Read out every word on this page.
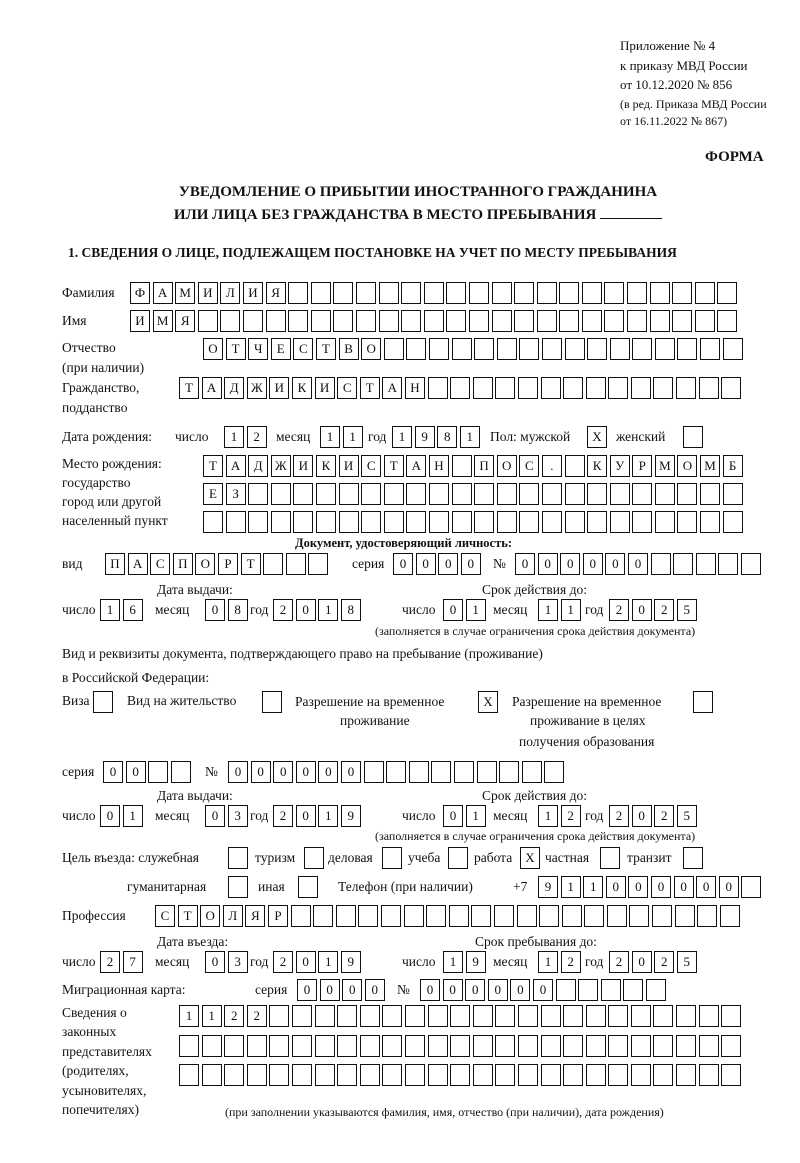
Приложение № 4
к приказу МВД России
от 10.12.2020 № 856
(в ред. Приказа МВД России
от 16.11.2022 № 867)
ФОРМА
УВЕДОМЛЕНИЕ О ПРИБЫТИИ ИНОСТРАННОГО ГРАЖДАНИНА
ИЛИ ЛИЦА БЕЗ ГРАЖДАНСТВА В МЕСТО ПРЕБЫВАНИЯ
1. СВЕДЕНИЯ О ЛИЦЕ, ПОДЛЕЖАЩЕМ ПОСТАНОВКЕ НА УЧЕТ ПО МЕСТУ ПРЕБЫВАНИЯ
Фамилия	Ф А М И	Л	И	Я
Имя	И М Я
Отчество
(при наличии)
О	Т	Ч	Е	С	Т	В	О
Гражданство,
подданство
Т	А	Д Ж И	К	И	С	Т	А	Н
Дата рождения: число	1	2	месяц	1	1 год 1	9	8	1	Пол: мужской	X	женский
Место рождения:
государство
город или другой
населенный пункт
Т	А	Д Ж И	К	И	С	Т	А	Н	П	О	С	.	К	У	Р	М О М	Б
Е	З
Документ, удостоверяющий личность:
вид	П	А	С	П	О	Р	Т	серия	0	0	0	0	№	0	0	0	0	0	0
Дата выдачи:	Срок действия до:
число 1	6	месяц	0	8 год 2	0	1	8	число	0	1	месяц	1	1 год 2	0	2	5
(заполняется в случае ограничения срока действия документа)
Вид и реквизиты документа, подтверждающего право на пребывание (проживание)
в Российской Федерации:
Виза	Вид на жительство	Разрешение на временное
проживание
X	Разрешение на временное
проживание в целях
получения образования
серия	0	0	№	0	0	0	0	0	0
Дата выдачи:	Срок действия до:
число 0	1	месяц	0	3 год 2	0	1	9	число	0	1	месяц	1	2 год 2	0	2	5
(заполняется в случае ограничения срока действия документа)
Цель въезда: служебная	туризм деловая	учеба работа	X частная	транзит
гуманитарная	иная	Телефон (при наличии)	+7	9	1	1	0	0	0	0	0	0
Профессия	С	Т	О	Л	Я	Р
Дата въезда:	Срок пребывания до:
число 2	7	месяц	0	3 год 2	0	1	9	число	1	9	месяц	1	2 год 2	0	2	5
Миграционная карта:	серия	0	0	0	0	№	0	0	0	0	0	0
Сведения о
законных
представителях
(родителях,
усыновителях,
попечителях)
1	1	2	2
(при заполнении указываются фамилия, имя, отчество (при наличии), дата рождения)
